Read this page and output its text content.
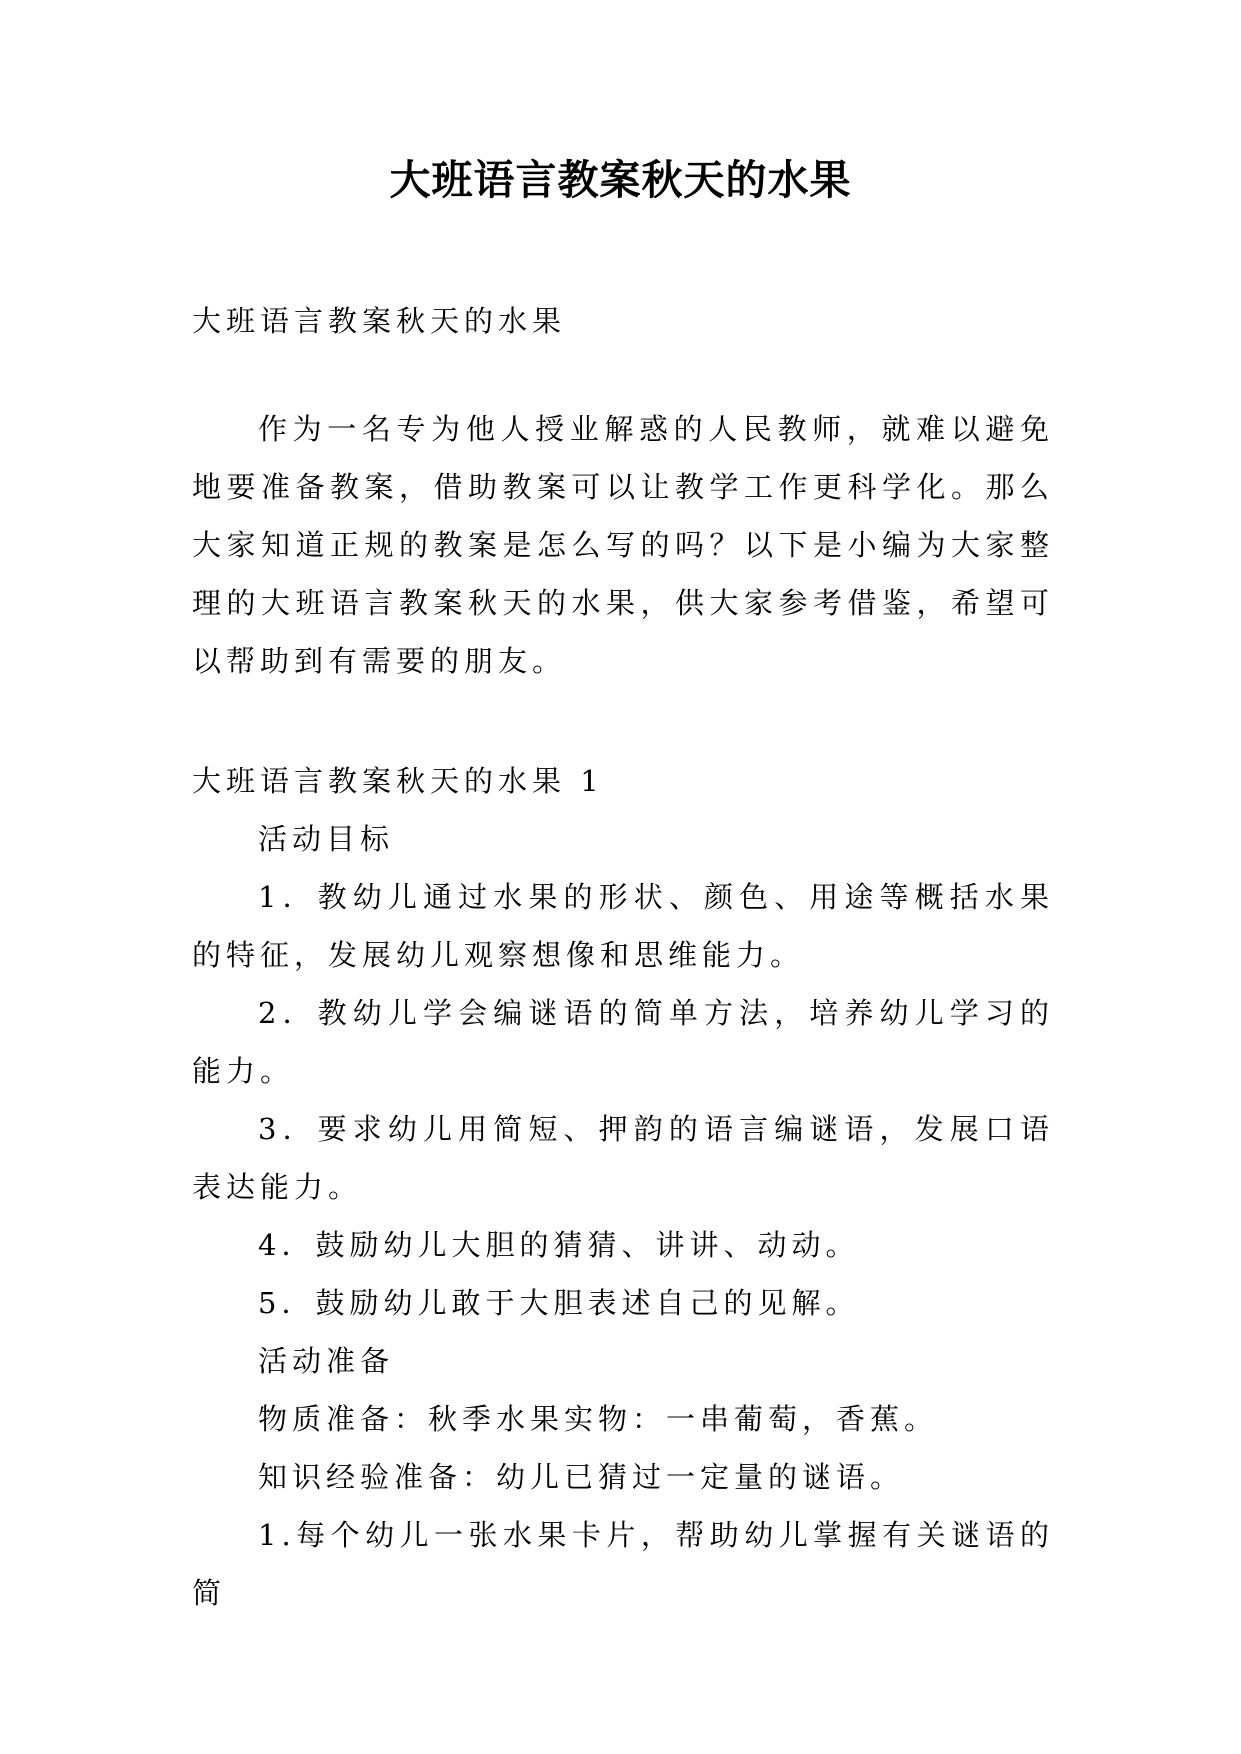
大班语言教案秋天的水果

大班语言教案秋天的水果

作为一名专为他人授业解惑的人民教师，就难以避免地要准备教案，借助教案可以让教学工作更科学化。那么大家知道正规的教案是怎么写的吗？以下是小编为大家整理的大班语言教案秋天的水果，供大家参考借鉴，希望可以帮助到有需要的朋友。

大班语言教案秋天的水果 1

活动目标

1．教幼儿通过水果的形状、颜色、用途等概括水果的特征，发展幼儿观察想像和思维能力。

2．教幼儿学会编谜语的简单方法，培养幼儿学习的能力。

3．要求幼儿用简短、押韵的语言编谜语，发展口语表达能力。

4．鼓励幼儿大胆的猜猜、讲讲、动动。

5．鼓励幼儿敢于大胆表述自己的见解。

活动准备

物质准备：秋季水果实物：一串葡萄，香蕉。

知识经验准备：幼儿已猜过一定量的谜语。

1.每个幼儿一张水果卡片，帮助幼儿掌握有关谜语的简
